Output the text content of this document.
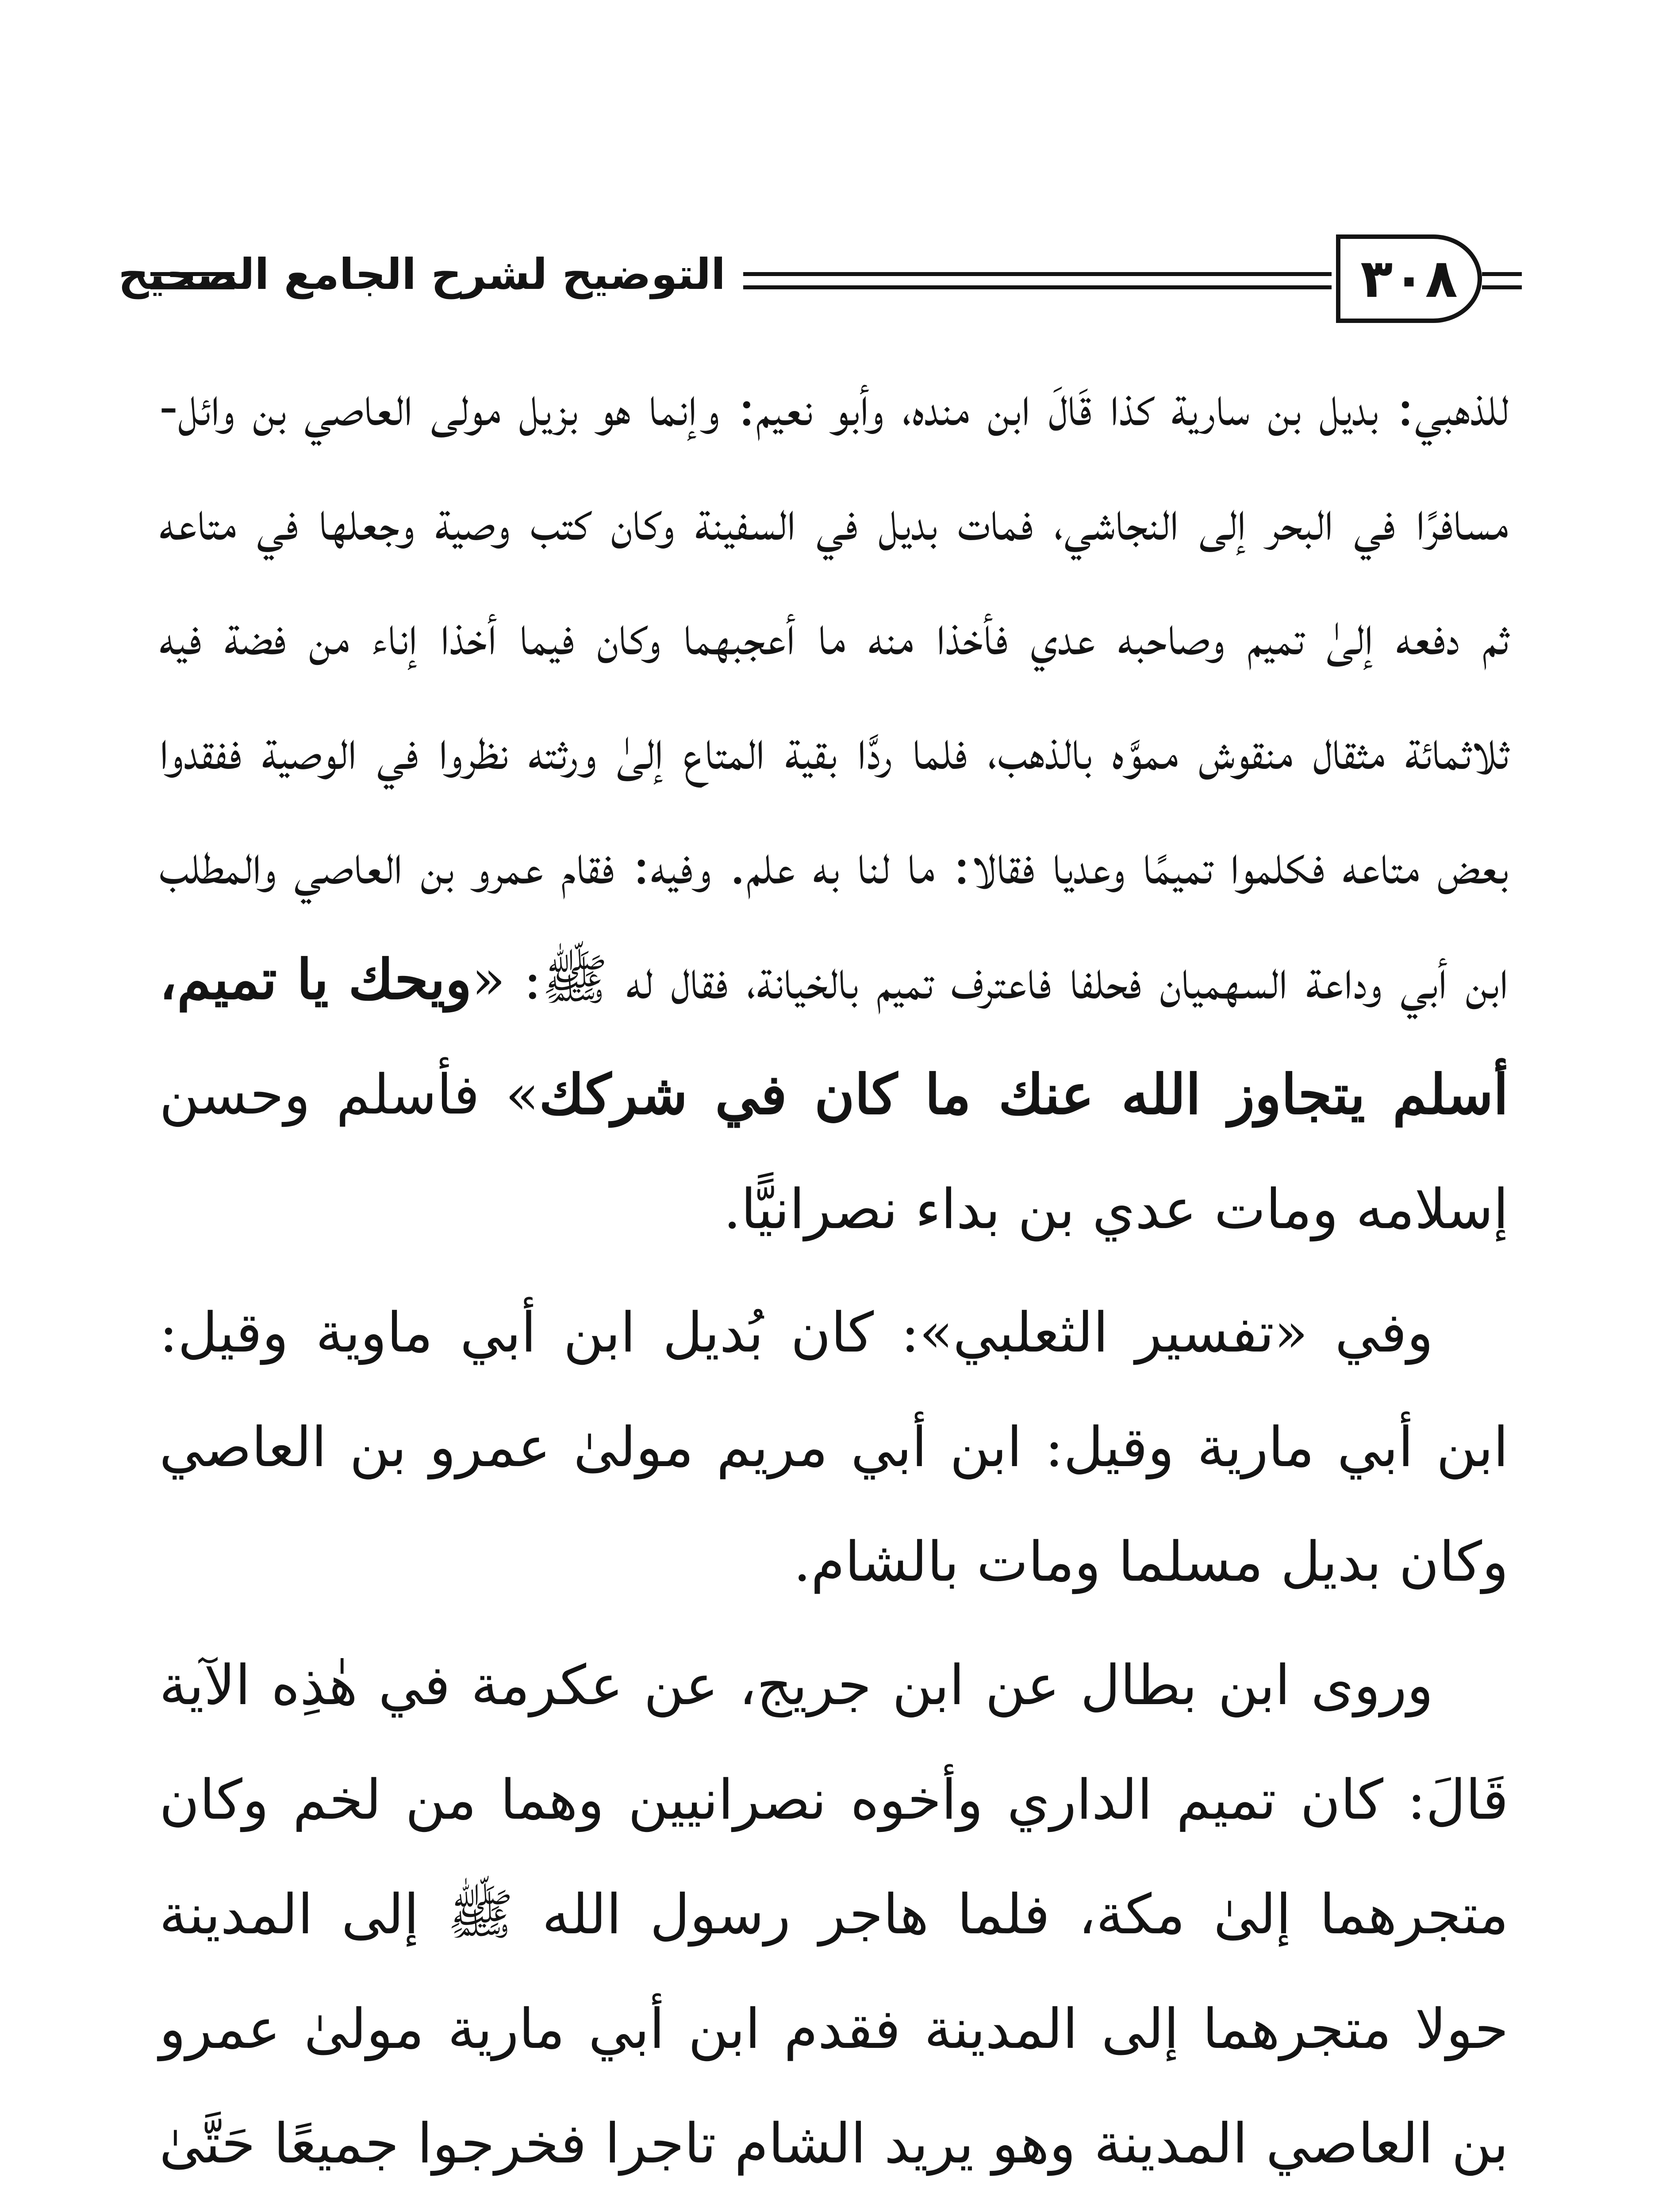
التوضيح لشرح الجامع الصحيح	٣٠٨

للذهبي: بديل بن سارية كذا قَالَ ابن منده، وأبو نعيم: وإنما هو بزيل مولى العاصي بن وائل- مسافرًا في البحر إلى النجاشي، فمات بديل في السفينة وكان كتب وصية وجعلها في متاعه ثم دفعه إلىٰ تميم وصاحبه عدي فأخذا منه ما أعجبهما وكان فيما أخذا إناء من فضة فيه ثلاثمائة مثقال منقوش مموَّه بالذهب، فلما ردَّا بقية المتاع إلىٰ ورثته نظروا في الوصية ففقدوا بعض متاعه فكلموا تميمًا وعديا فقالا: ما لنا به علم. وفيه: فقام عمرو بن العاصي والمطلب ابن أبي وداعة السهميان فحلفا فاعترف تميم بالخيانة، فقال له ﷺ: «ويحك يا تميم، أسلم يتجاوز الله عنك ما كان في شركك» فأسلم وحسن إسلامه ومات عدي بن بداء نصرانيًّا.

وفي «تفسير الثعلبي»: كان بُديل ابن أبي ماوية وقيل: ابن أبي مارية وقيل: ابن أبي مريم مولىٰ عمرو بن العاصي وكان بديل مسلما ومات بالشام.

وروى ابن بطال عن ابن جريج، عن عكرمة في هٰذِه الآية قَالَ: كان تميم الداري وأخوه نصرانيين وهما من لخم وكان متجرهما إلىٰ مكة، فلما هاجر رسول الله ﷺ إلى المدينة حولا متجرهما إلى المدينة فقدم ابن أبي مارية مولىٰ عمرو بن العاصي المدينة وهو يريد الشام تاجرا فخرجوا جميعًا حَتَّىٰ
